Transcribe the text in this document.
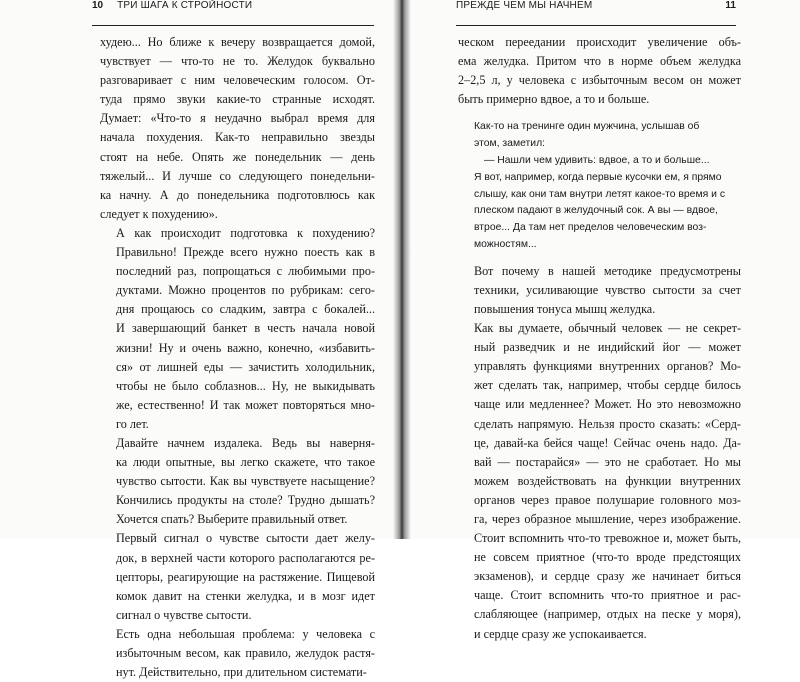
10 ТРИ ШАГА К СТРОЙНОСТИ
худею... Но ближе к вечеру возвращается домой,
чувствует — что-то не то. Желудок буквально
разговаривает с ним человеческим голосом. От-
туда прямо звуки какие-то странные исходят.
Думает: «Что-то я неудачно выбрал время для
начала похудения. Как-то неправильно звезды
стоят на небе. Опять же понедельник — день
тяжелый... И лучше со следующего понедельни-
ка начну. А до понедельника подготовлюсь как
следует к похудению».
А как происходит подготовка к похудению?
Правильно! Прежде всего нужно поесть как в
последний раз, попрощаться с любимыми про-
дуктами. Можно процентов по рубрикам: сего-
дня прощаюсь со сладким, завтра с бокалей...
И завершающий банкет в честь начала новой
жизни! Ну и очень важно, конечно, «избавить-
ся» от лишней еды — зачистить холодильник,
чтобы не было соблазнов... Ну, не выкидывать
же, естественно! И так может повторяться мно-
го лет.
Давайте начнем издалека. Ведь вы наверня-
ка люди опытные, вы легко скажете, что такое
чувство сытости. Как вы чувствуете насыщение?
Кончились продукты на столе? Трудно дышать?
Хочется спать? Выберите правильный ответ.
Первый сигнал о чувстве сытости дает желу-
док, в верхней части которого располагаются ре-
цепторы, реагирующие на растяжение. Пищевой
комок давит на стенки желудка, и в мозг идет
сигнал о чувстве сытости.
Есть одна небольшая проблема: у человека с
избыточным весом, как правило, желудок растя-
нут. Действительно, при длительном системати-
ПРЕЖДЕ ЧЕМ МЫ НАЧНЕМ	11
ческом переедании происходит увеличение объ-
ема желудка. Притом что в норме объем желудка
2–2,5 л, у человека с избыточным весом он может
быть примерно вдвое, а то и больше.
Как-то на тренинге один мужчина, услышав об
этом, заметил:
— Нашли чем удивить: вдвое, а то и больше...
Я вот, например, когда первые кусочки ем, я прямо
слышу, как они там внутри летят какое-то время и с
плеском падают в желудочный сок. А вы — вдвое,
втрое... Да там нет пределов человеческим воз-
можностям...
Вот почему в нашей методике предусмотрены
техники, усиливающие чувство сытости за счет
повышения тонуса мышц желудка.
Как вы думаете, обычный человек — не секрет-
ный разведчик и не индийский йог — может
управлять функциями внутренних органов? Мо-
жет сделать так, например, чтобы сердце билось
чаще или медленнее? Может. Но это невозможно
сделать напрямую. Нельзя просто сказать: «Серд-
це, давай-ка бейся чаще! Сейчас очень надо. Да-
вай — постарайся» — это не сработает. Но мы
можем воздействовать на функции внутренних
органов через правое полушарие головного моз-
га, через образное мышление, через изображение.
Стоит вспомнить что-то тревожное и, может быть,
не совсем приятное (что-то вроде предстоящих
экзаменов), и сердце сразу же начинает биться
чаще. Стоит вспомнить что-то приятное и рас-
слабляющее (например, отдых на песке у моря),
и сердце сразу же успокаивается.
